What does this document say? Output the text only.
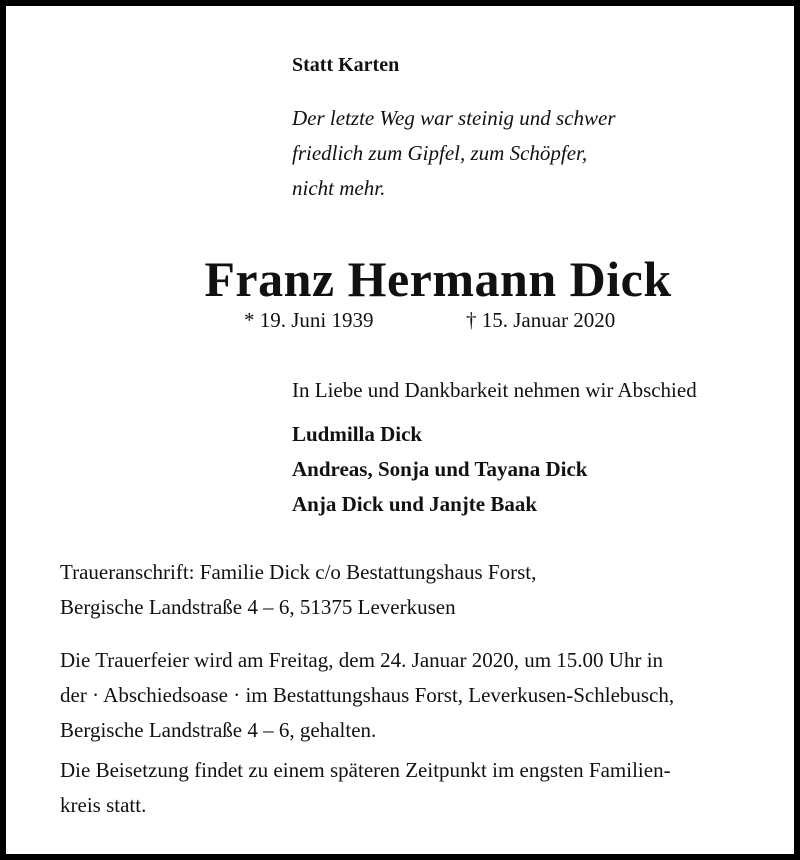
Statt Karten
Der letzte Weg war steinig und schwer
friedlich zum Gipfel, zum Schöpfer,
nicht mehr.
Franz Hermann Dick
* 19. Juni 1939	† 15. Januar 2020
In Liebe und Dankbarkeit nehmen wir Abschied
Ludmilla Dick
Andreas, Sonja und Tayana Dick
Anja Dick und Janjte Baak
Traueranschrift: Familie Dick c/o Bestattungshaus Forst,
Bergische Landstraße 4 – 6, 51375 Leverkusen
Die Trauerfeier wird am Freitag, dem 24. Januar 2020, um 15.00 Uhr in
der · Abschiedsoase · im Bestattungshaus Forst, Leverkusen-Schlebusch,
Bergische Landstraße 4 – 6, gehalten.
Die Beisetzung findet zu einem späteren Zeitpunkt im engsten Familien-
kreis statt.
